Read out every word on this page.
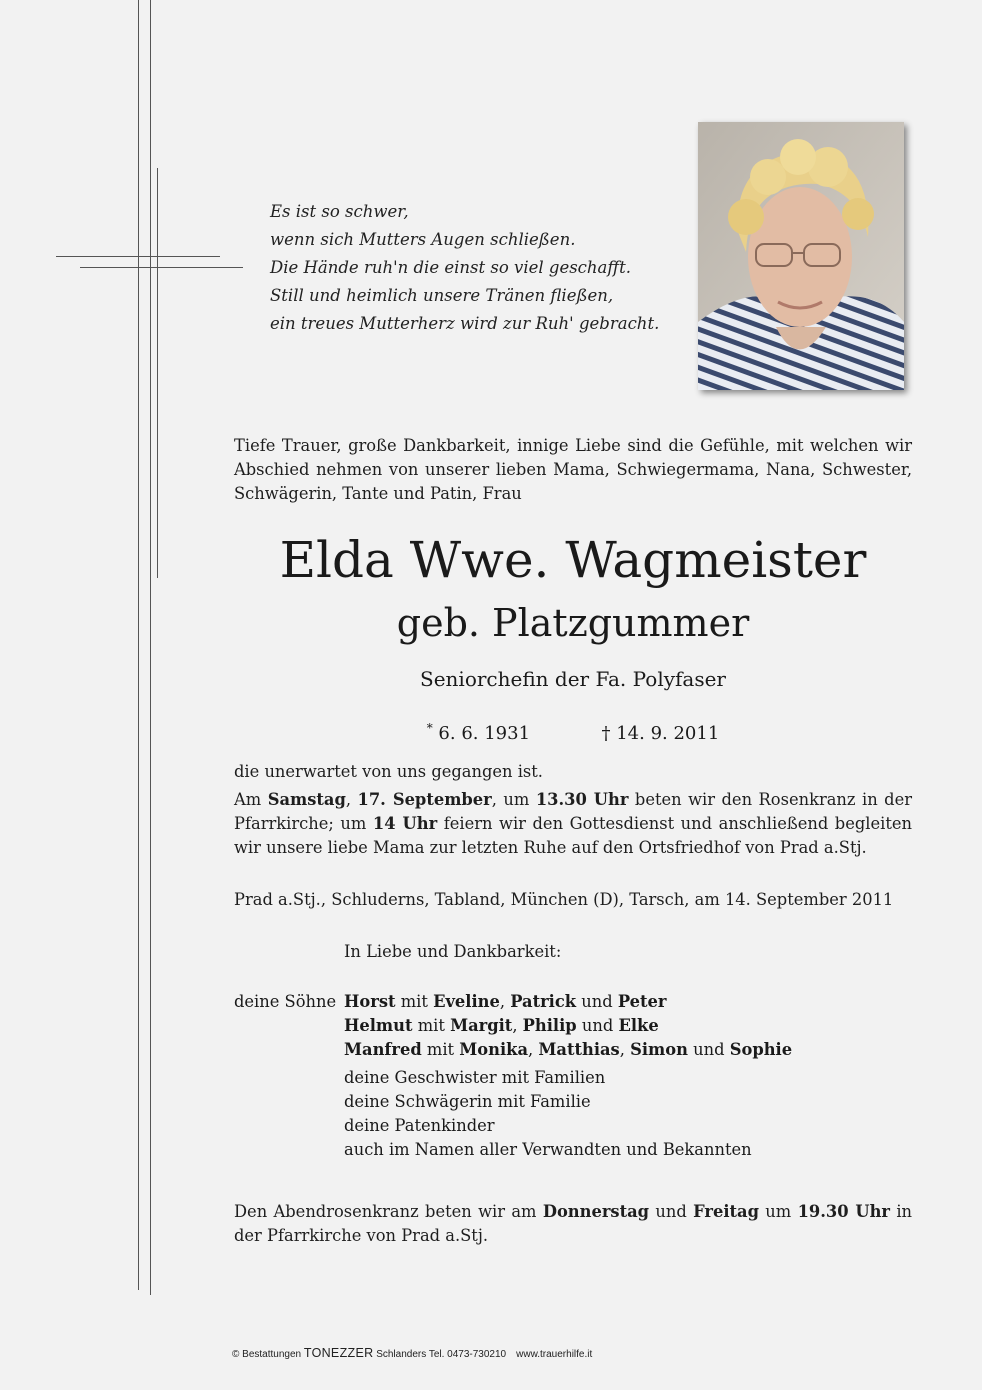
Es ist so schwer,
wenn sich Mutters Augen schließen.
Die Hände ruh'n die einst so viel geschafft.
Still und heimlich unsere Tränen fließen,
ein treues Mutterherz wird zur Ruh' gebracht.
Tiefe Trauer, große Dankbarkeit, innige Liebe sind die Gefühle, mit welchen wir Abschied nehmen von unserer lieben Mama, Schwiegermama, Nana, Schwester, Schwägerin, Tante und Patin, Frau
Elda Wwe. Wagmeister
geb. Platzgummer
Seniorchefin der Fa. Polyfaser
* 6. 6. 1931	† 14. 9. 2011
die unerwartet von uns gegangen ist.
Am Samstag, 17. September, um 13.30 Uhr beten wir den Rosenkranz in der Pfarrkirche; um 14 Uhr feiern wir den Gottesdienst und anschließend begleiten wir unsere liebe Mama zur letzten Ruhe auf den Ortsfriedhof von Prad a.Stj.
Prad a.Stj., Schluderns, Tabland, München (D), Tarsch, am 14. September 2011
In Liebe und Dankbarkeit:
deine Söhne Horst mit Eveline, Patrick und Peter
Helmut mit Margit, Philip und Elke
Manfred mit Monika, Matthias, Simon und Sophie
deine Geschwister mit Familien
deine Schwägerin mit Familie
deine Patenkinder
auch im Namen aller Verwandten und Bekannten
Den Abendrosenkranz beten wir am Donnerstag und Freitag um 19.30 Uhr in der Pfarrkirche von Prad a.Stj.
© Bestattungen TONEZZER Schlanders Tel. 0473-730210 www.trauerhilfe.it
